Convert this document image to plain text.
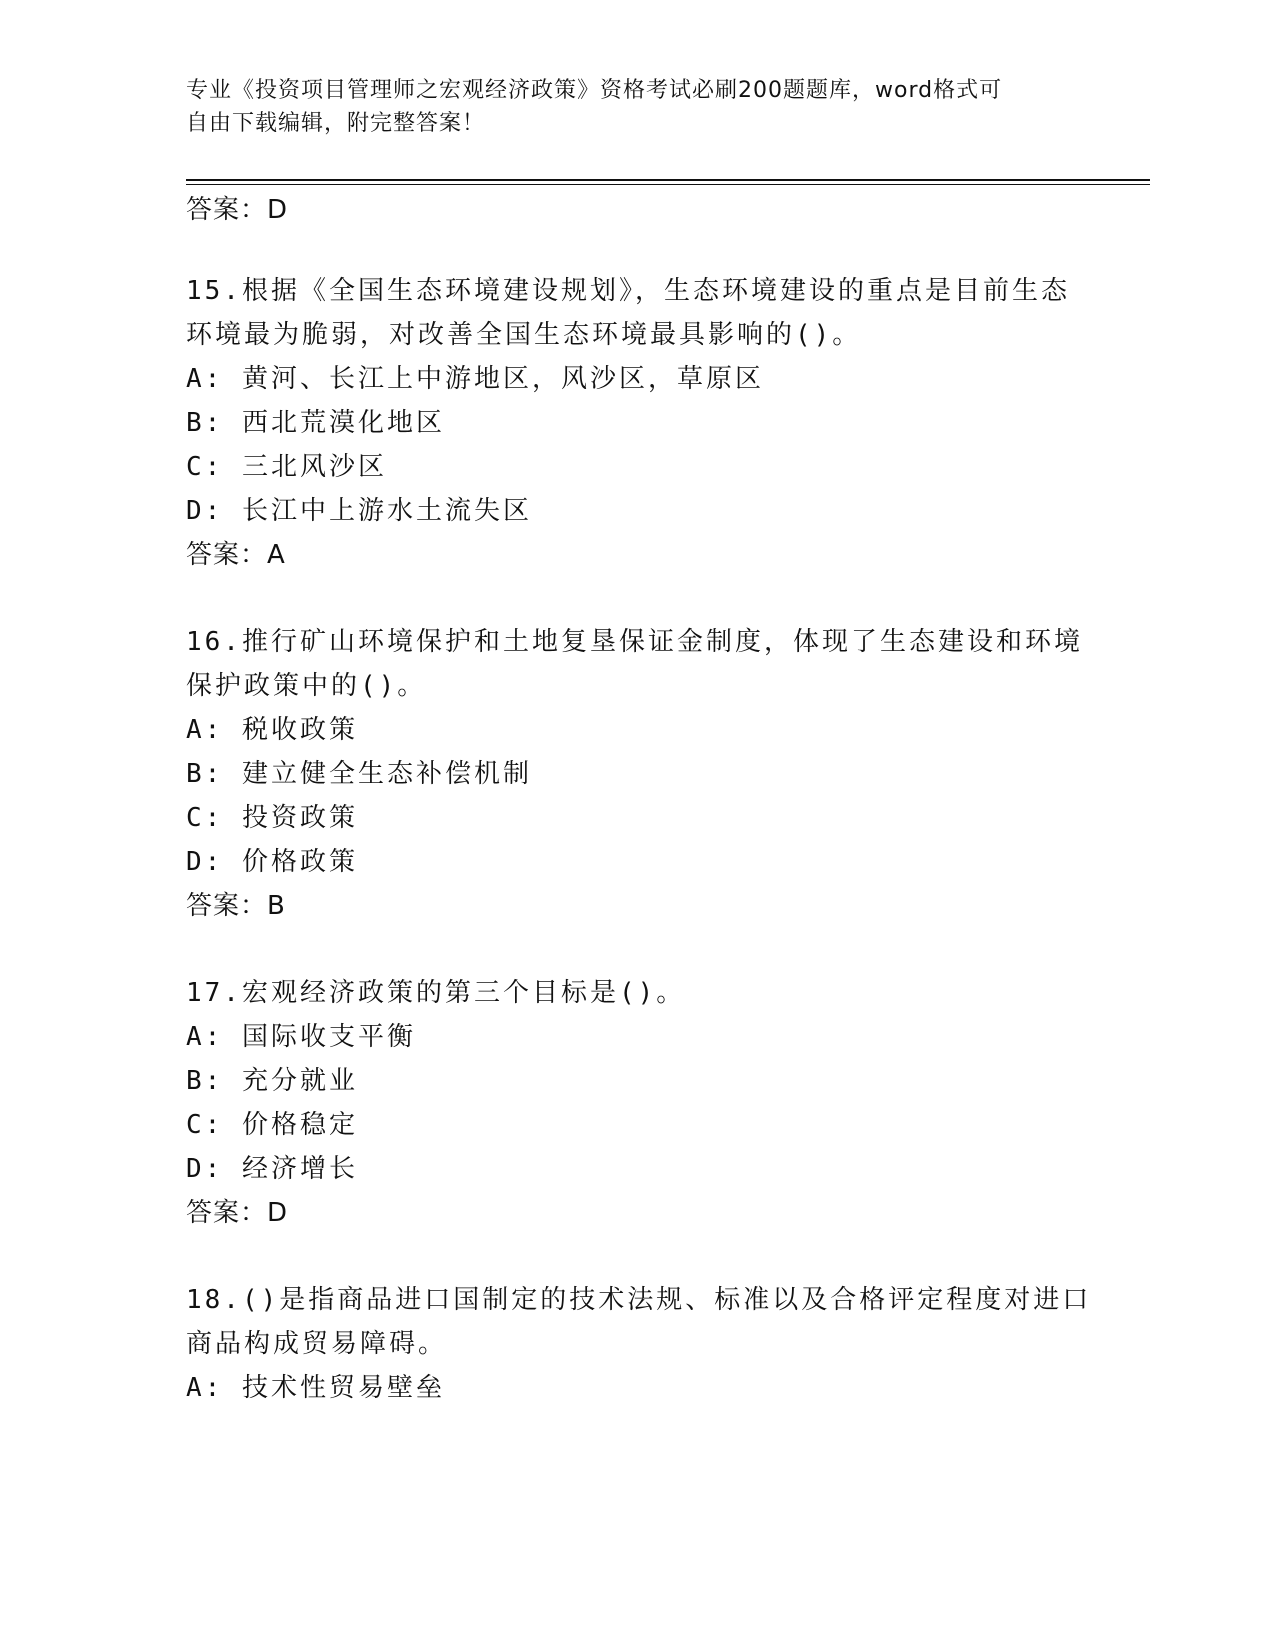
专业《投资项目管理师之宏观经济政策》资格考试必刷200题题库，word格式可
自由下载编辑，附完整答案！
答案：D
15.根据《全国生态环境建设规划》，生态环境建设的重点是目前生态
环境最为脆弱，对改善全国生态环境最具影响的()。
A: 黄河、长江上中游地区，风沙区，草原区
B: 西北荒漠化地区
C: 三北风沙区
D: 长江中上游水土流失区
答案：A
16.推行矿山环境保护和土地复垦保证金制度，体现了生态建设和环境
保护政策中的()。
A: 税收政策
B: 建立健全生态补偿机制
C: 投资政策
D: 价格政策
答案：B
17.宏观经济政策的第三个目标是()。
A: 国际收支平衡
B: 充分就业
C: 价格稳定
D: 经济增长
答案：D
18.()是指商品进口国制定的技术法规、标准以及合格评定程度对进口
商品构成贸易障碍。
A: 技术性贸易壁垒
